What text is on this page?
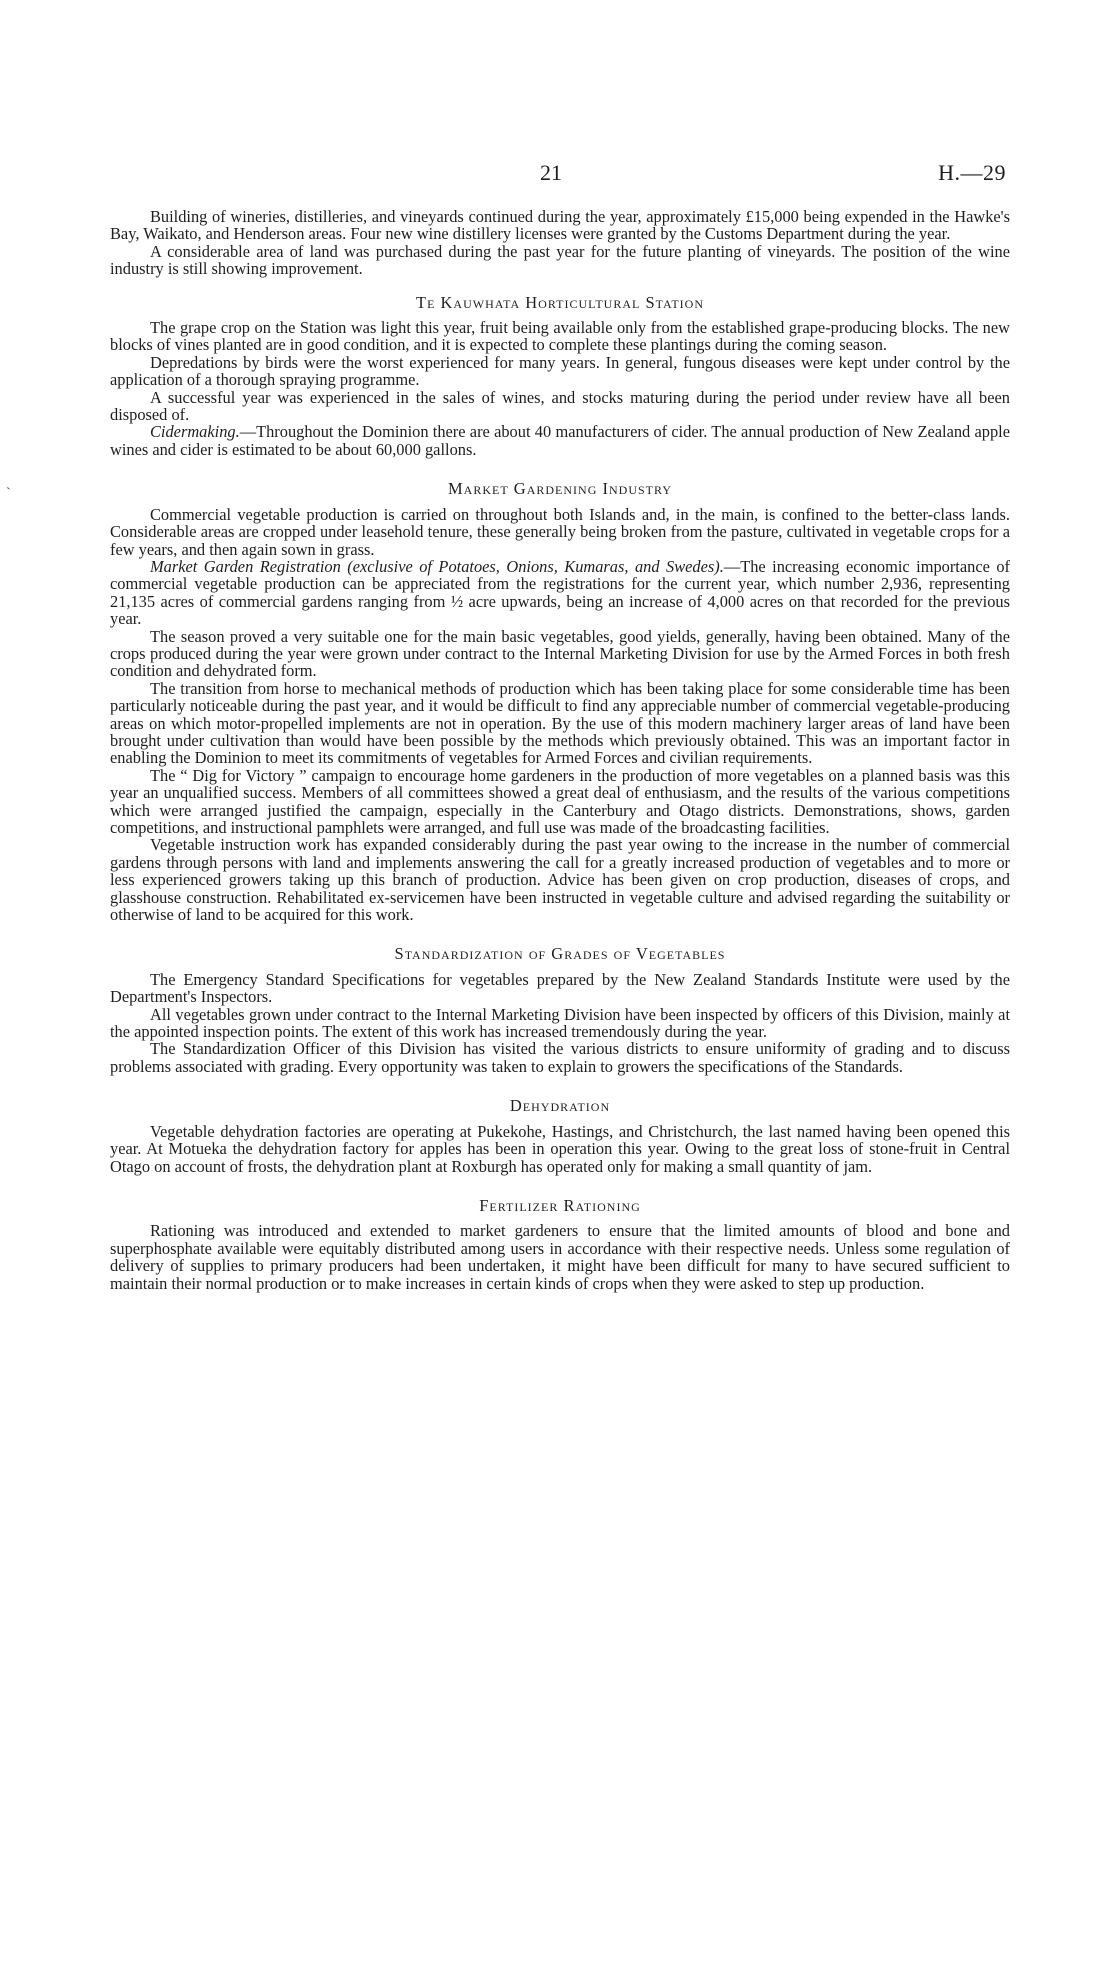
21	H.—29
`

Building of wineries, distilleries, and vineyards continued during the year, approximately £15,000 being expended in the Hawke's Bay, Waikato, and Henderson areas. Four new wine distillery licenses were granted by the Customs Department during the year.

A considerable area of land was purchased during the past year for the future planting of vineyards. The position of the wine industry is still showing improvement.

Te Kauwhata Horticultural Station

The grape crop on the Station was light this year, fruit being available only from the established grape-producing blocks. The new blocks of vines planted are in good condition, and it is expected to complete these plantings during the coming season.

Depredations by birds were the worst experienced for many years. In general, fungous diseases were kept under control by the application of a thorough spraying programme.

A successful year was experienced in the sales of wines, and stocks maturing during the period under review have all been disposed of.

Cidermaking.—Throughout the Dominion there are about 40 manufacturers of cider. The annual production of New Zealand apple wines and cider is estimated to be about 60,000 gallons.

Market Gardening Industry

Commercial vegetable production is carried on throughout both Islands and, in the main, is confined to the better-class lands. Considerable areas are cropped under leasehold tenure, these generally being broken from the pasture, cultivated in vegetable crops for a few years, and then again sown in grass.

Market Garden Registration (exclusive of Potatoes, Onions, Kumaras, and Swedes).—The increasing economic importance of commercial vegetable production can be appreciated from the registrations for the current year, which number 2,936, representing 21,135 acres of commercial gardens ranging from ½ acre upwards, being an increase of 4,000 acres on that recorded for the previous year.

The season proved a very suitable one for the main basic vegetables, good yields, generally, having been obtained. Many of the crops produced during the year were grown under contract to the Internal Marketing Division for use by the Armed Forces in both fresh condition and dehydrated form.

The transition from horse to mechanical methods of production which has been taking place for some considerable time has been particularly noticeable during the past year, and it would be difficult to find any appreciable number of commercial vegetable-producing areas on which motor-propelled implements are not in operation. By the use of this modern machinery larger areas of land have been brought under cultivation than would have been possible by the methods which previously obtained. This was an important factor in enabling the Dominion to meet its commitments of vegetables for Armed Forces and civilian requirements.

The “ Dig for Victory ” campaign to encourage home gardeners in the production of more vegetables on a planned basis was this year an unqualified success. Members of all committees showed a great deal of enthusiasm, and the results of the various competitions which were arranged justified the campaign, especially in the Canterbury and Otago districts. Demonstrations, shows, garden competitions, and instructional pamphlets were arranged, and full use was made of the broadcasting facilities.

Vegetable instruction work has expanded considerably during the past year owing to the increase in the number of commercial gardens through persons with land and implements answering the call for a greatly increased production of vegetables and to more or less experienced growers taking up this branch of production. Advice has been given on crop production, diseases of crops, and glasshouse construction. Rehabilitated ex-servicemen have been instructed in vegetable culture and advised regarding the suitability or otherwise of land to be acquired for this work.

Standardization of Grades of Vegetables

The Emergency Standard Specifications for vegetables prepared by the New Zealand Standards Institute were used by the Department's Inspectors.

All vegetables grown under contract to the Internal Marketing Division have been inspected by officers of this Division, mainly at the appointed inspection points. The extent of this work has increased tremendously during the year.

The Standardization Officer of this Division has visited the various districts to ensure uniformity of grading and to discuss problems associated with grading. Every opportunity was taken to explain to growers the specifications of the Standards.

Dehydration

Vegetable dehydration factories are operating at Pukekohe, Hastings, and Christchurch, the last named having been opened this year. At Motueka the dehydration factory for apples has been in operation this year. Owing to the great loss of stone-fruit in Central Otago on account of frosts, the dehydration plant at Roxburgh has operated only for making a small quantity of jam.

Fertilizer Rationing

Rationing was introduced and extended to market gardeners to ensure that the limited amounts of blood and bone and superphosphate available were equitably distributed among users in accordance with their respective needs. Unless some regulation of delivery of supplies to primary producers had been undertaken, it might have been difficult for many to have secured sufficient to maintain their normal production or to make increases in certain kinds of crops when they were asked to step up production.
